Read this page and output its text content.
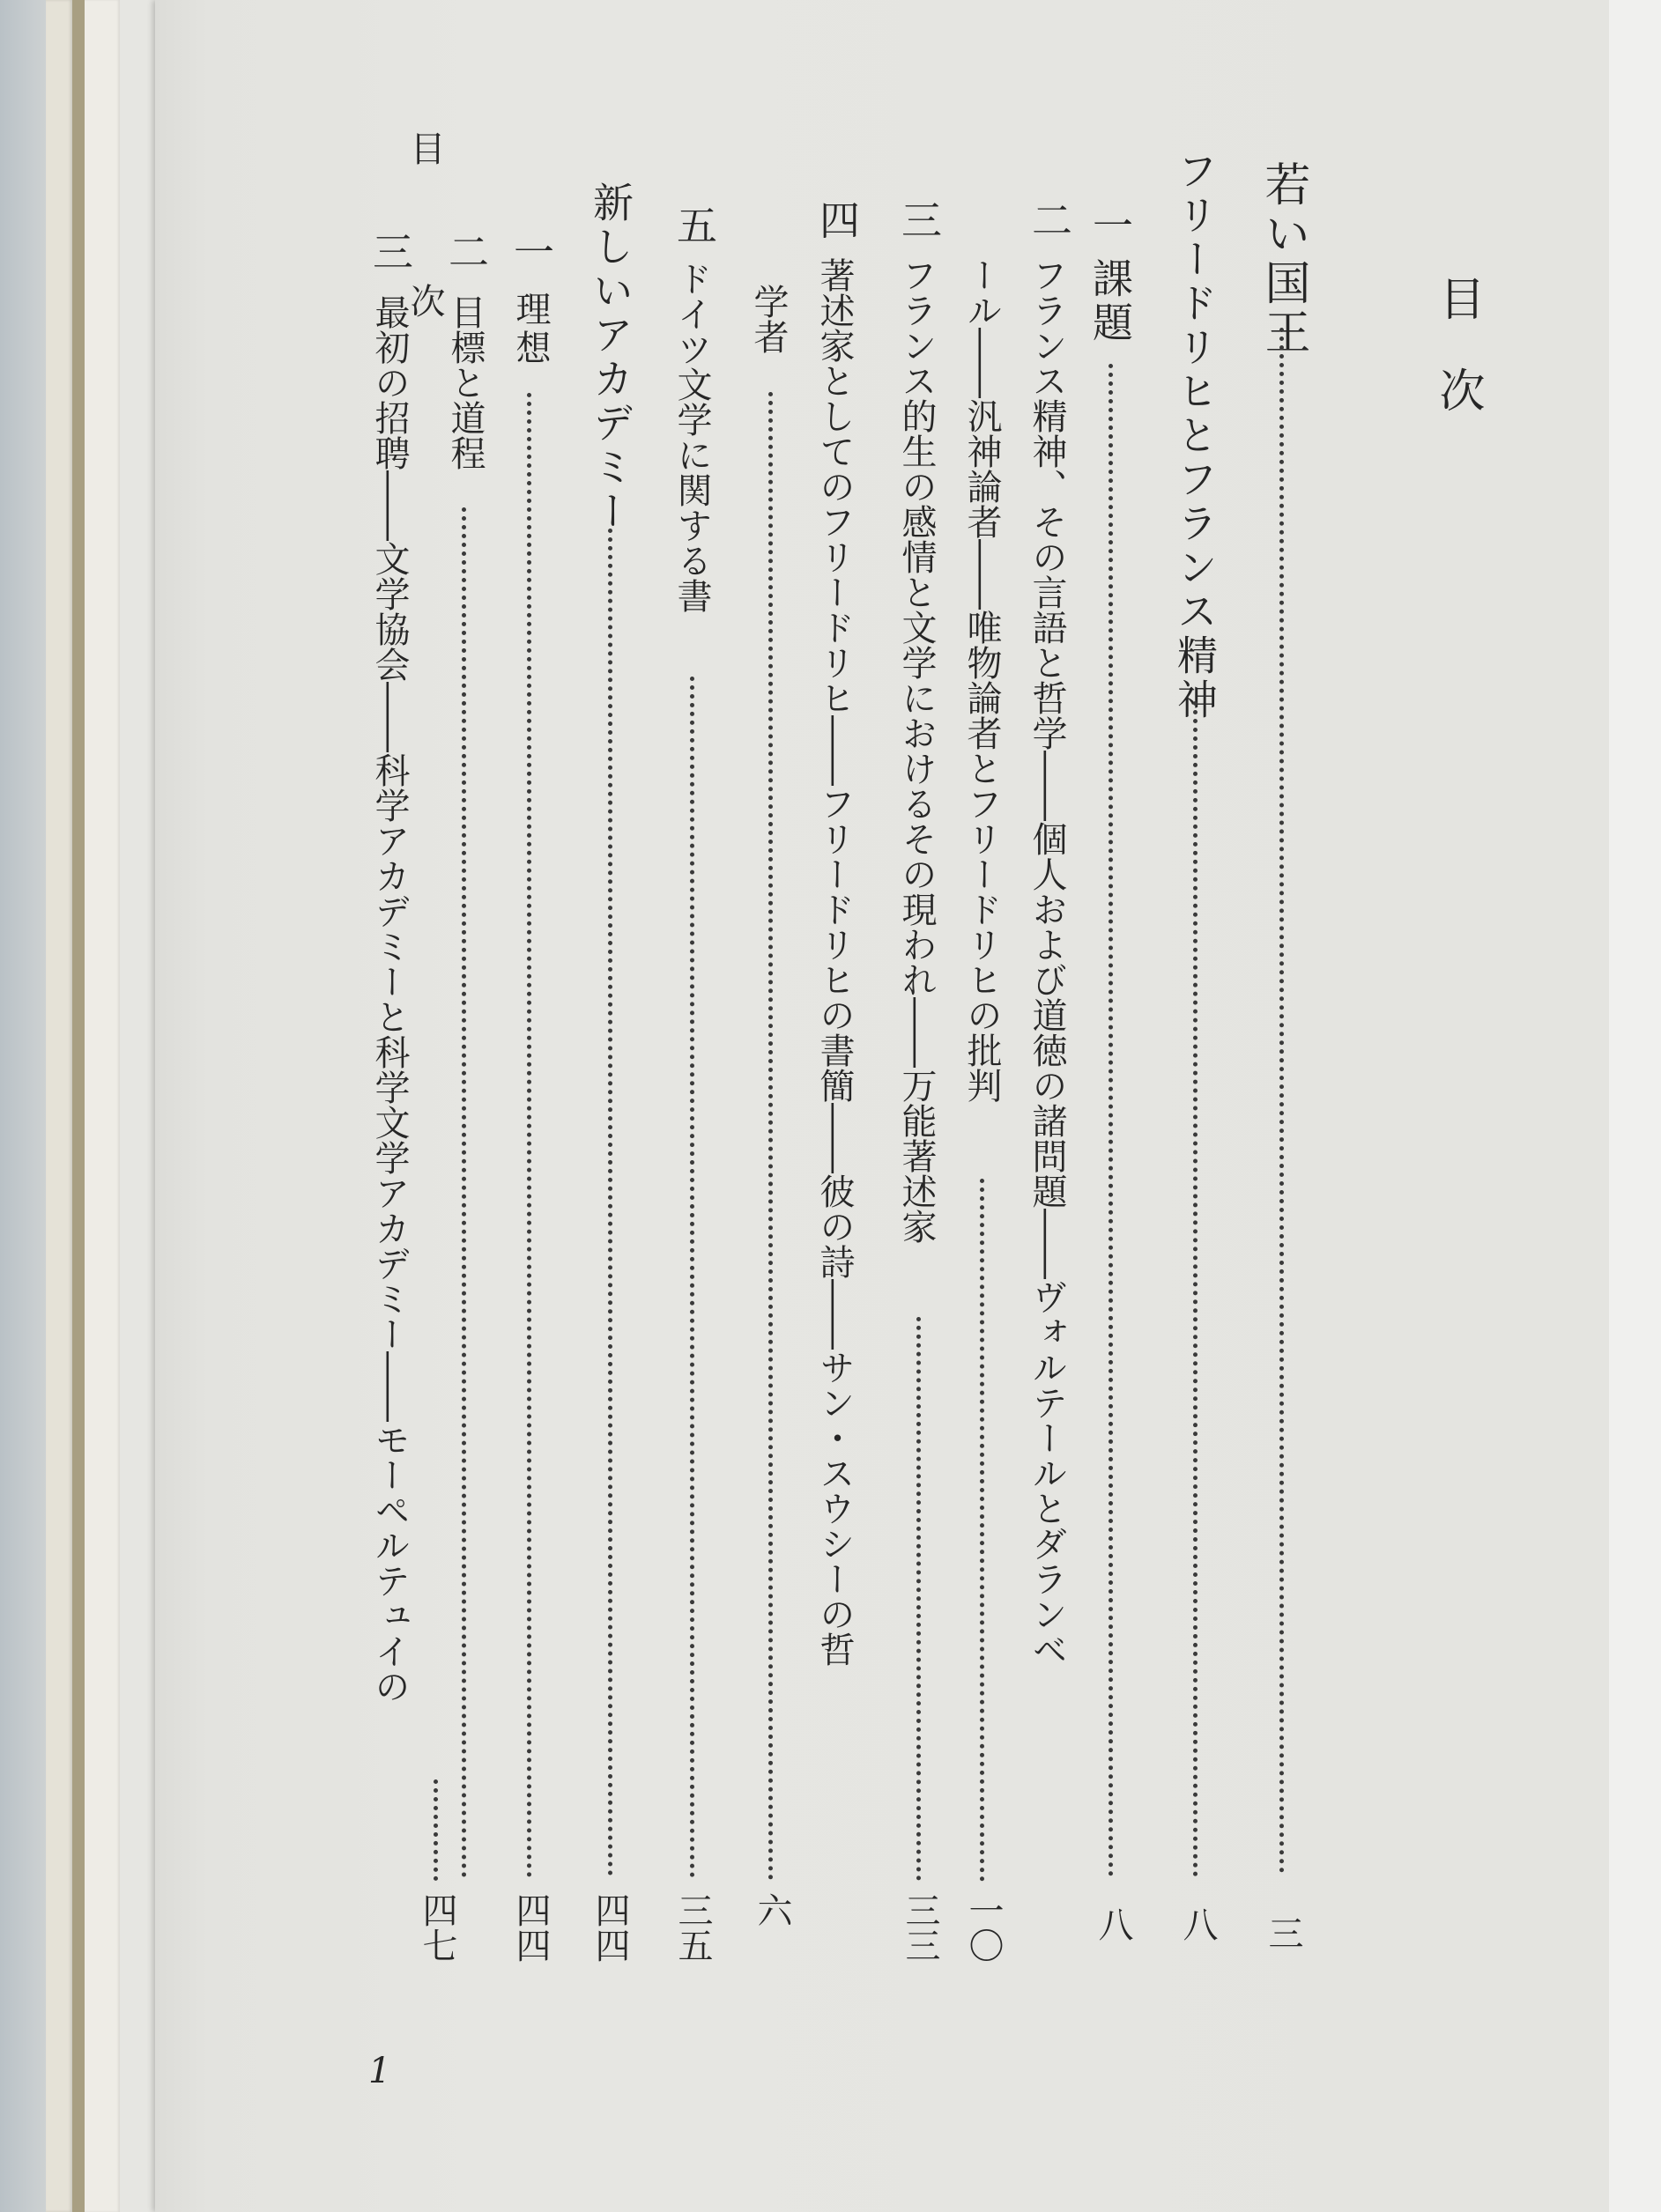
目次
若い国王
三
フリードリヒとフランス精神
八
一
課題
八
二
フランス精神、その言語と哲学――個人および道徳の諸問題――ヴォルテールとダランベ
ール――汎神論者――唯物論者とフリードリヒの批判
一〇
三
フランス的生の感情と文学におけるその現われ――万能著述家
三三
四
著述家としてのフリードリヒ――フリードリヒの書簡――彼の詩――サン・スウシーの哲
学者
六
五
ドイツ文学に関する書
三五
新しいアカデミー
四四
一
理想
四四
二
目標と道程
目 次
三
最初の招聘――文学協会――科学アカデミーと科学文学アカデミー――モーペルテュイの
四七
1
